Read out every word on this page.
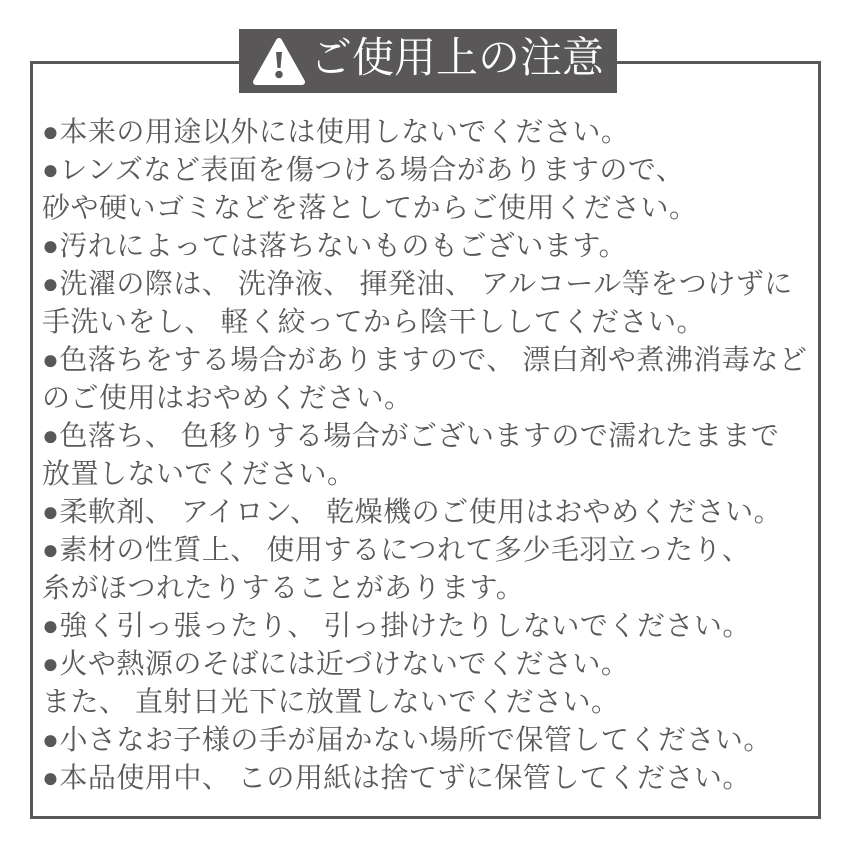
ご使用上の注意
●本来の用途以外には使用しないでください。
●レンズなど表面を傷つける場合がありますので、
砂や硬いゴミなどを落としてからご使用ください。
●汚れによっては落ちないものもございます。
●洗濯の際は、 洗浄液、 揮発油、 アルコール等をつけずに
手洗いをし、 軽く絞ってから陰干ししてください。
●色落ちをする場合がありますので、 漂白剤や煮沸消毒など
のご使用はおやめください。
●色落ち、 色移りする場合がございますので濡れたままで
放置しないでください。
●柔軟剤、 アイロン、 乾燥機のご使用はおやめください。
●素材の性質上、 使用するにつれて多少毛羽立ったり、
糸がほつれたりすることがあります。
●強く引っ張ったり、 引っ掛けたりしないでください。
●火や熱源のそばには近づけないでください。
また、 直射日光下に放置しないでください。
●小さなお子様の手が届かない場所で保管してください。
●本品使用中、 この用紙は捨てずに保管してください。
